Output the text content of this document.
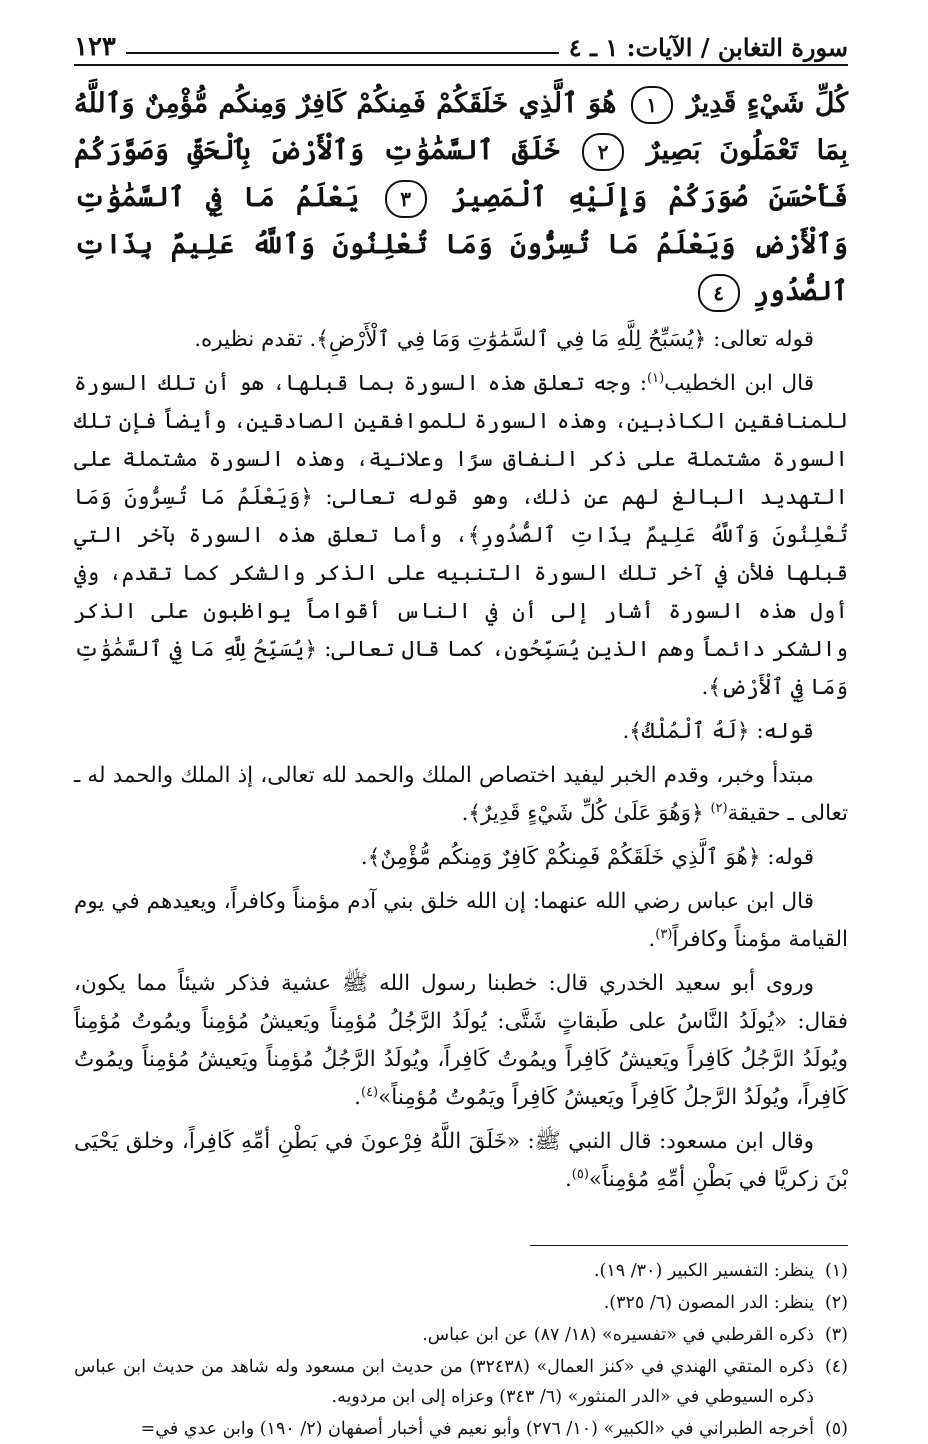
سورة التغابن / الآيات: ١ ـ ٤
١٢٣
كُلِّ شَيْءٍ قَدِيرٌ ١ هُوَ ٱلَّذِي خَلَقَكُمْ فَمِنكُمْ كَافِرٌ وَمِنكُم مُّؤْمِنٌ وَٱللَّهُ بِمَا تَعْمَلُونَ بَصِيرٌ ٢ خَلَقَ ٱلسَّمَٰوَٰتِ وَٱلْأَرْضَ بِٱلْحَقِّ وَصَوَّرَكُمْ فَأَحْسَنَ صُوَرَكُمْ وَإِلَيْهِ ٱلْمَصِيرُ ٣ يَعْلَمُ مَا فِي ٱلسَّمَٰوَٰتِ وَٱلْأَرْضِ وَيَعْلَمُ مَا تُسِرُّونَ وَمَا تُعْلِنُونَ وَٱللَّهُ عَلِيمٌ بِذَاتِ ٱلصُّدُورِ ٤

قوله تعالى: ﴿يُسَبِّحُ لِلَّهِ مَا فِي ٱلسَّمَٰوَٰتِ وَمَا فِي ٱلْأَرْضِ﴾. تقدم نظيره.

قال ابن الخطيب$^{(١)}$: وجه تعلق هذه السورة بما قبلها، هو أن تلك السورة للمنافقين الكاذبين، وهذه السورة للموافقين الصادقين، وأيضاً فإن تلك السورة مشتملة على ذكر النفاق سرًا وعلانية، وهذه السورة مشتملة على التهديد البالغ لهم عن ذلك، وهو قوله تعالى: ﴿وَيَعْلَمُ مَا تُسِرُّونَ وَمَا تُعْلِنُونَ وَٱللَّهُ عَلِيمٌ بِذَاتِ ٱلصُّدُورِ﴾، وأما تعلق هذه السورة بآخر التي قبلها فلأن في آخر تلك السورة التنبيه على الذكر والشكر كما تقدم، وفي أول هذه السورة أشار إلى أن في الناس أقواماً يواظبون على الذكر والشكر دائماً وهم الذين يُسَبِّحُون، كما قال تعالى: ﴿يُسَبِّحُ لِلَّهِ مَا فِي ٱلسَّمَٰوَٰتِ وَمَا فِي ٱلْأَرْضِ﴾.

قوله: ﴿لَهُ ٱلْمُلْكُ﴾.

مبتدأ وخبر، وقدم الخبر ليفيد اختصاص الملك والحمد لله تعالى، إذ الملك والحمد له ـ تعالى ـ حقيقة$^{(٢)}$ ﴿وَهُوَ عَلَىٰ كُلِّ شَيْءٍ قَدِيرٌ﴾.

قوله: ﴿هُوَ ٱلَّذِي خَلَقَكُمْ فَمِنكُمْ كَافِرٌ وَمِنكُم مُّؤْمِنٌ﴾.

قال ابن عباس رضي الله عنهما: إن الله خلق بني آدم مؤمناً وكافراً، ويعيدهم في يوم القيامة مؤمناً وكافراً$^{(٣)}$.

وروى أبو سعيد الخدري قال: خطبنا رسول الله ﷺ عشية فذكر شيئاً مما يكون، فقال: «يُولَدُ النَّاسُ على طَبقاتٍ شَتَّى: يُولَدُ الرَّجُلُ مُؤمِناً ويَعيشُ مُؤمِناً ويمُوتُ مُؤمِناً ويُولَدُ الرَّجُلُ كَافِراً ويَعيشُ كَافِراً ويمُوتُ كَافِراً، ويُولَدُ الرَّجُلُ مُؤمِناً ويَعيشُ مُؤمِناً ويمُوتُ كَافِراً، ويُولَدُ الرَّجلُ كَافِراً ويَعيشُ كَافِراً ويَمُوتُ مُؤمِناً»$^{(٤)}$.

وقال ابن مسعود: قال النبي ﷺ: «خَلَقَ اللَّهُ فِرْعونَ في بَطْنِ أمِّهِ كَافِراً، وخلق يَحْيَى بْنَ زكريَّا في بَطْنِ أمِّهِ مُؤمِناً»$^{(٥)}$.

(١)
ينظر: التفسير الكبير (٣٠/ ١٩).
(٢)
ينظر: الدر المصون (٦/ ٣٢٥).
(٣)
ذكره القرطبي في «تفسيره» (١٨/ ٨٧) عن ابن عباس.
(٤)
ذكره المتقي الهندي في «كنز العمال» (٣٢٤٣٨) من حديث ابن مسعود وله شاهد من حديث ابن عباس ذكره السيوطي في «الدر المنثور» (٦/ ٣٤٣) وعزاه إلى ابن مردويه.
(٥)
أخرجه الطبراني في «الكبير» (١٠/ ٢٧٦) وأبو نعيم في أخبار أصفهان (٢/ ١٩٠) وابن عدي في=
